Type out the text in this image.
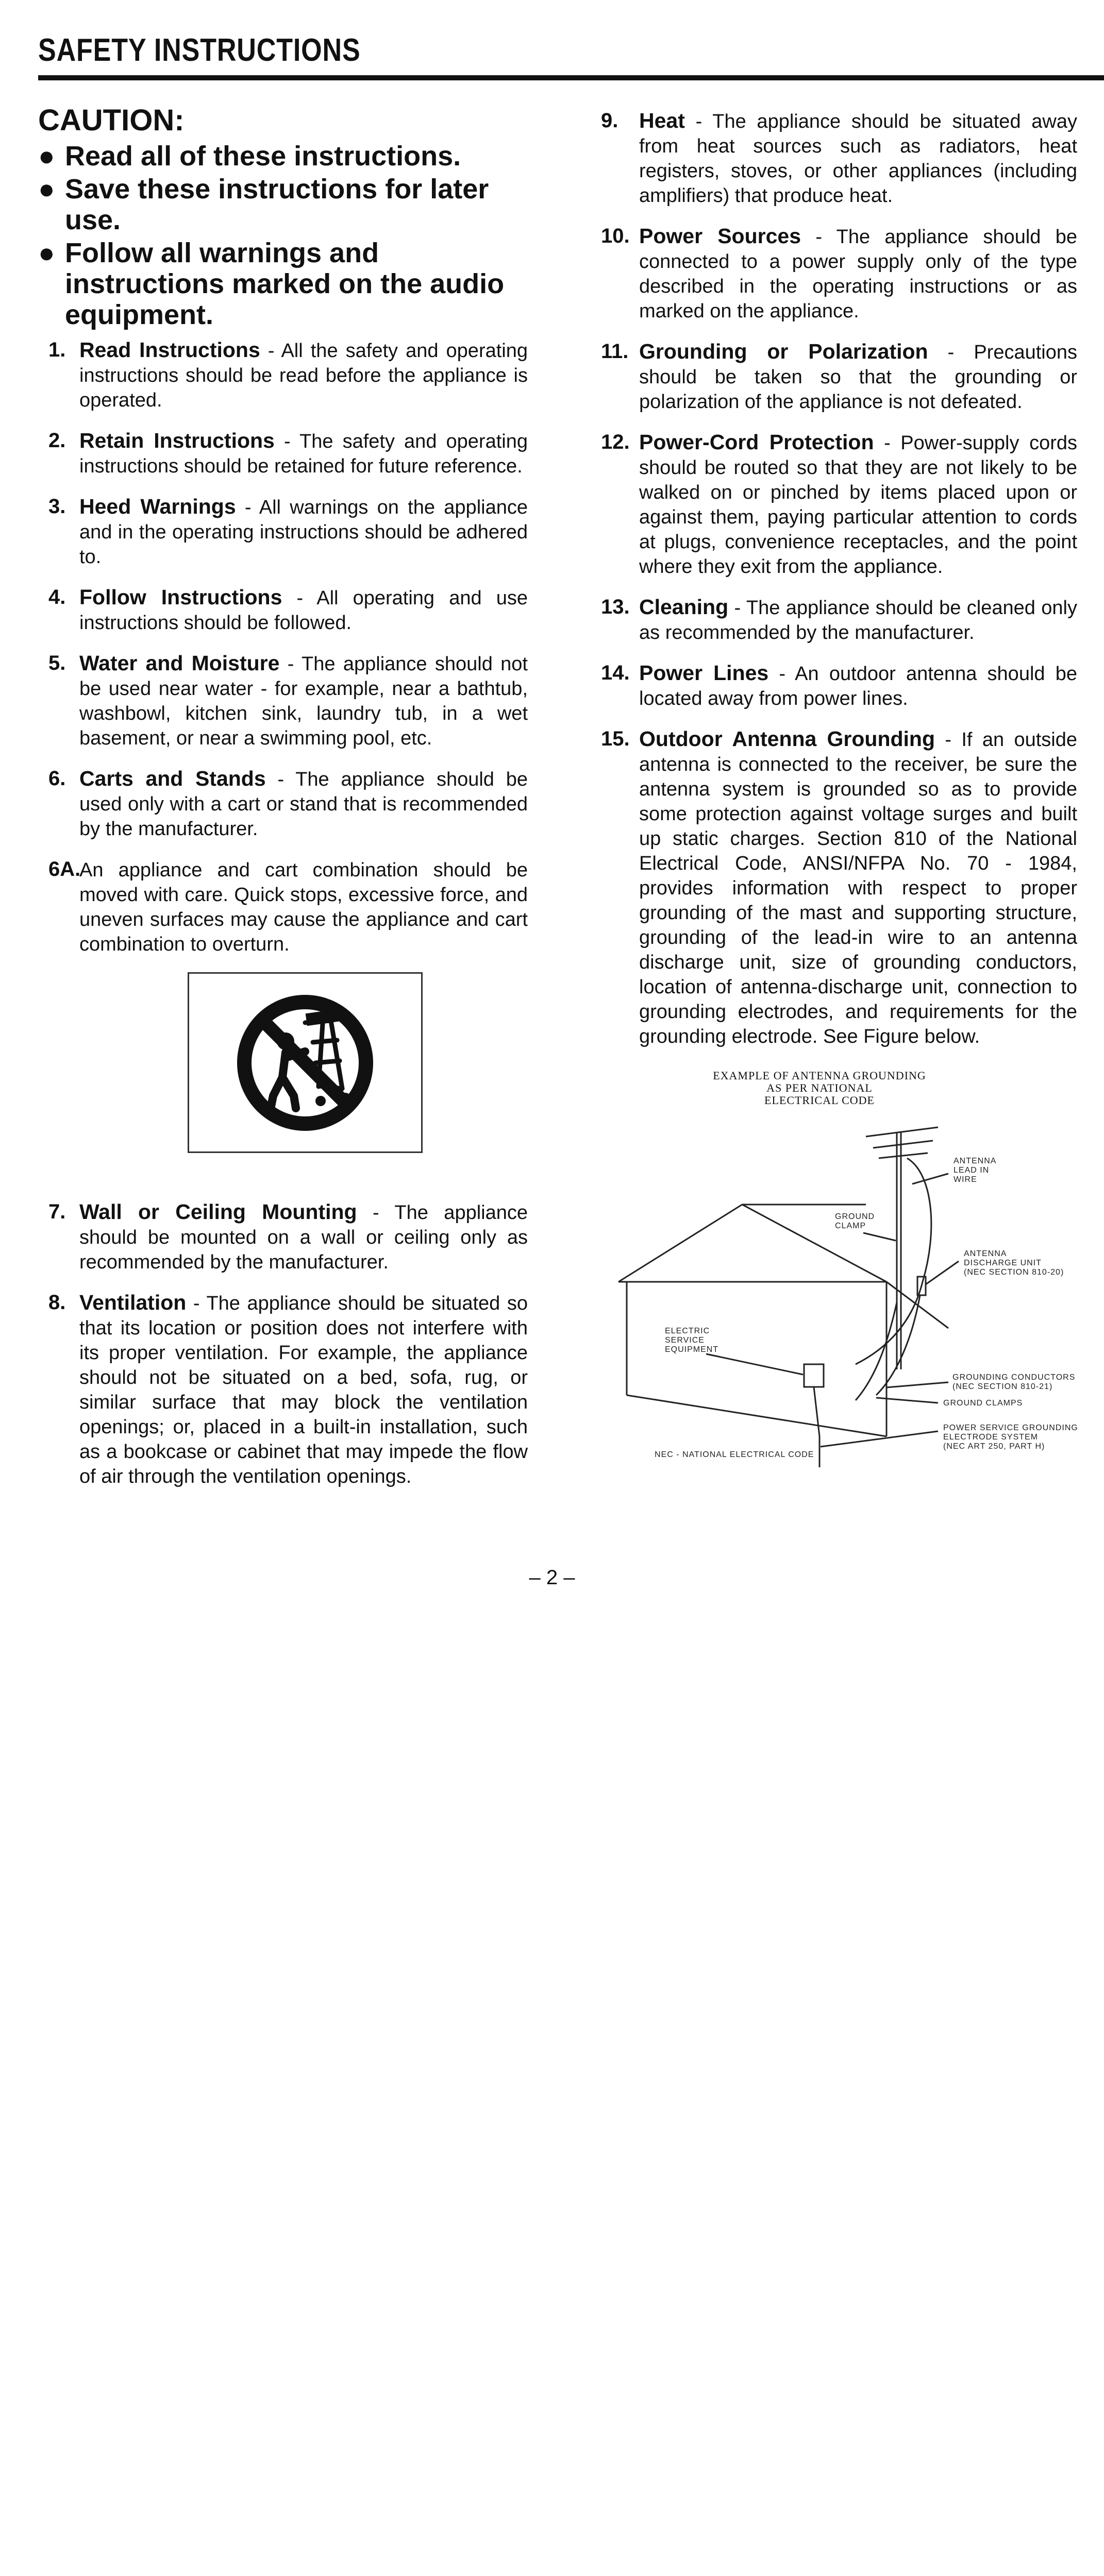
SAFETY INSTRUCTIONS
CAUTION:
● Read all of these instructions.
● Save these instructions for later use.
● Follow all warnings and instructions marked on the audio equipment.
1. Read Instructions - All the safety and operating instructions should be read before the appliance is operated.
2. Retain Instructions - The safety and operating instructions should be retained for future reference.
3. Heed Warnings - All warnings on the appliance and in the operating instructions should be adhered to.
4. Follow Instructions - All operating and use instructions should be followed.
5. Water and Moisture - The appliance should not be used near water - for example, near a bathtub, washbowl, kitchen sink, laundry tub, in a wet basement, or near a swimming pool, etc.
6. Carts and Stands - The appliance should be used only with a cart or stand that is recommended by the manufacturer.
6A.
An appliance and cart combination should be moved with care. Quick stops, excessive force, and uneven surfaces may cause the appliance and cart combination to overturn.
7. Wall or Ceiling Mounting - The appliance should be mounted on a wall or ceiling only as recommended by the manufacturer.
8. Ventilation - The appliance should be situated so that its location or position does not interfere with its proper ventilation. For example, the appliance should not be situated on a bed, sofa, rug, or similar surface that may block the ventilation openings; or, placed in a built-in installation, such as a bookcase or cabinet that may impede the flow of air through the ventilation openings.
9. Heat - The appliance should be situated away from heat sources such as radiators, heat registers, stoves, or other appliances (including amplifiers) that produce heat.
10. Power Sources - The appliance should be connected to a power supply only of the type described in the operating instructions or as marked on the appliance.
11. Grounding or Polarization - Precautions should be taken so that the grounding or polarization of the appliance is not defeated.
12. Power-Cord Protection - Power-supply cords should be routed so that they are not likely to be walked on or pinched by items placed upon or against them, paying particular attention to cords at plugs, convenience receptacles, and the point where they exit from the appliance.
13. Cleaning - The appliance should be cleaned only as recommended by the manufacturer.
14. Power Lines - An outdoor antenna should be located away from power lines.
15. Outdoor Antenna Grounding - If an outside antenna is connected to the receiver, be sure the antenna system is grounded so as to provide some protection against voltage surges and built up static charges. Section 810 of the National Electrical Code, ANSI/NFPA No. 70 - 1984, provides information with respect to proper grounding of the mast and supporting structure, grounding of the lead-in wire to an antenna discharge unit, size of grounding conductors, location of antenna-discharge unit, connection to grounding electrodes, and requirements for the grounding electrode. See Figure below.
EXAMPLE OF ANTENNA GROUNDING
AS PER NATIONAL
ELECTRICAL CODE
ANTENNA
LEAD IN
WIRE
GROUND
CLAMP
ANTENNA
DISCHARGE UNIT
(NEC SECTION 810-20)
ELECTRIC
SERVICE
EQUIPMENT
GROUNDING CONDUCTORS
(NEC SECTION 810-21)
GROUND CLAMPS
POWER SERVICE GROUNDING
ELECTRODE SYSTEM
(NEC ART 250, PART H)
NEC - NATIONAL ELECTRICAL CODE
– 2 –
